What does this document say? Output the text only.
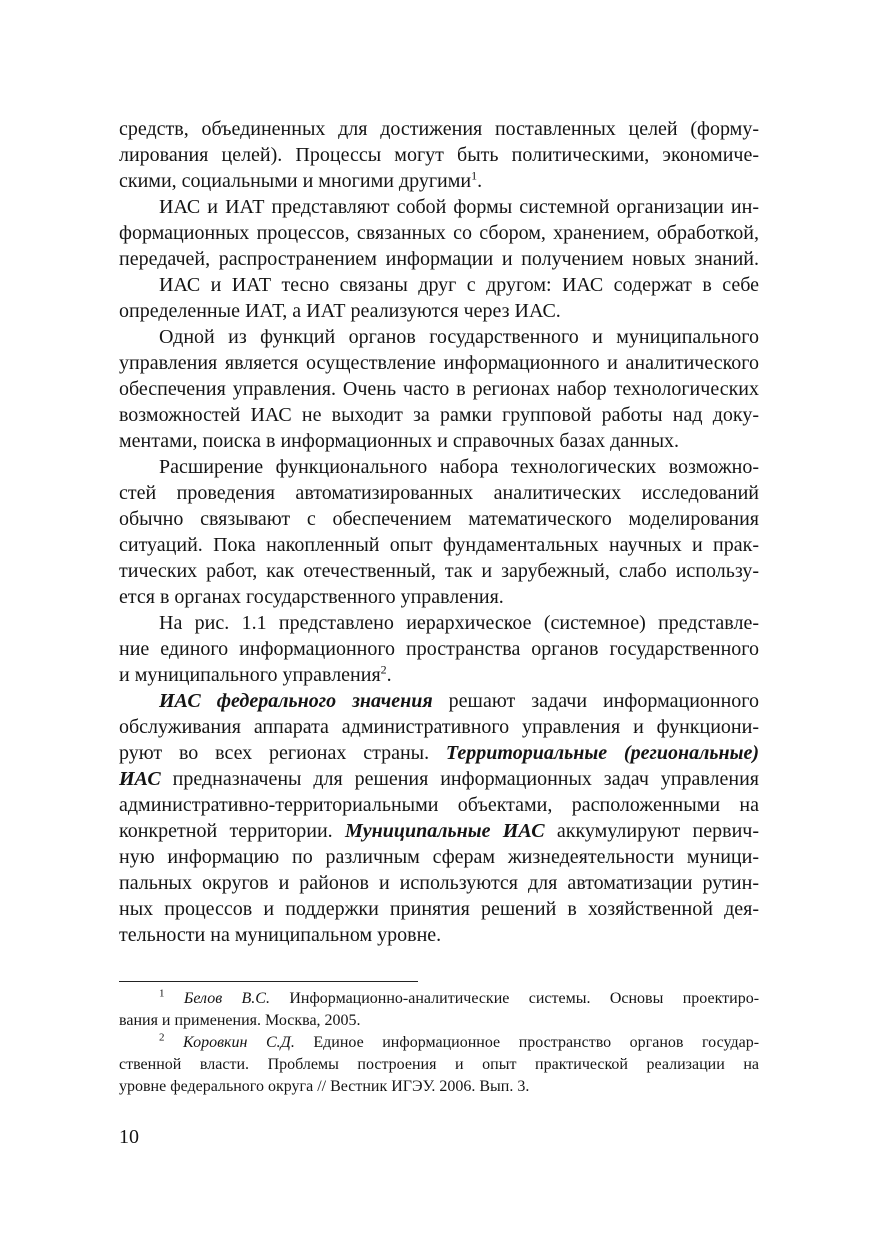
средств, объединенных для достижения поставленных целей (форму-
лирования целей). Процессы могут быть политическими, экономиче-
скими, социальными и многими другими$^1$.
ИАС и ИАТ представляют собой формы системной организации ин-
формационных процессов, связанных со сбором, хранением, обработкой,
передачей, распространением информации и получением новых знаний.
ИАС и ИАТ тесно связаны друг с другом: ИАС содержат в себе
определенные ИАТ, а ИАТ реализуются через ИАС.
Одной из функций органов государственного и муниципального
управления является осуществление информационного и аналитического
обеспечения управления. Очень часто в регионах набор технологических
возможностей ИАС не выходит за рамки групповой работы над доку-
ментами, поиска в информационных и справочных базах данных.
Расширение функционального набора технологических возможно-
стей проведения автоматизированных аналитических исследований
обычно связывают с обеспечением математического моделирования
ситуаций. Пока накопленный опыт фундаментальных научных и прак-
тических работ, как отечественный, так и зарубежный, слабо использу-
ется в органах государственного управления.
На рис. 1.1 представлено иерархическое (системное) представле-
ние единого информационного пространства органов государственного
и муниципального управления$^2$.
ИАС федерального значения решают задачи информационного
обслуживания аппарата административного управления и функциони-
руют во всех регионах страны. Территориальные (региональные)
ИАС предназначены для решения информационных задач управления
административно-территориальными объектами, расположенными на
конкретной территории. Муниципальные ИАС аккумулируют первич-
ную информацию по различным сферам жизнедеятельности муници-
пальных округов и районов и используются для автоматизации рутин-
ных процессов и поддержки принятия решений в хозяйственной дея-
тельности на муниципальном уровне.
$^1$ Белов В.С. Информационно-аналитические системы. Основы проектиро-
вания и применения. Москва, 2005.
$^2$ Коровкин С.Д. Единое информационное пространство органов государ-
ственной власти. Проблемы построения и опыт практической реализации на
уровне федерального округа // Вестник ИГЭУ. 2006. Вып. 3.
10
